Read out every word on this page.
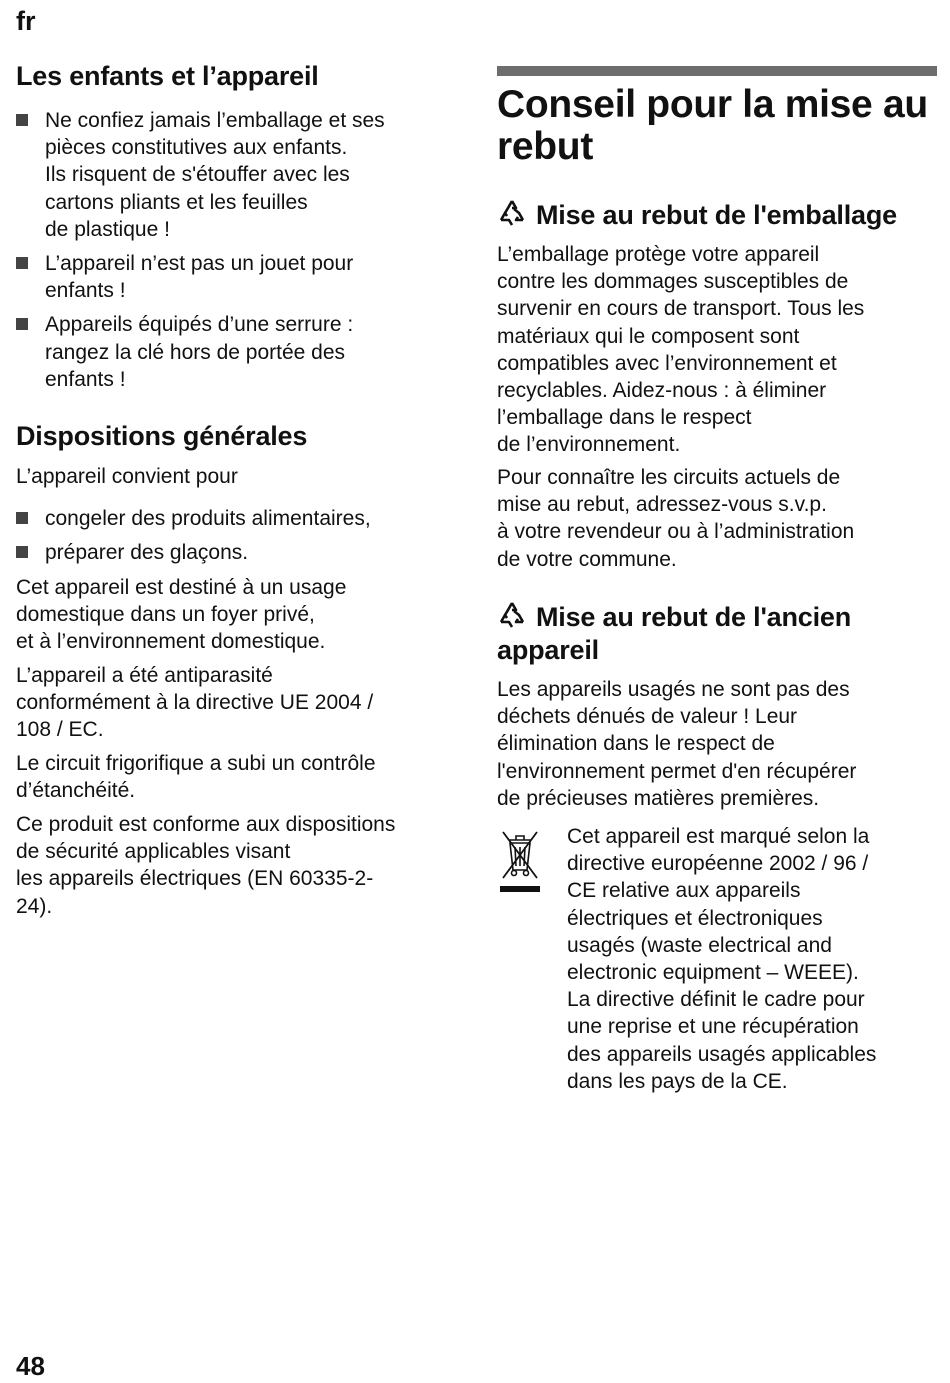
fr
Les enfants et l’appareil
Ne confiez jamais l’emballage et ses
pièces constitutives aux enfants.
Ils risquent de s'étouffer avec les
cartons pliants et les feuilles
de plastique !
L’appareil n’est pas un jouet pour
enfants !
Appareils équipés d’une serrure :
rangez la clé hors de portée des
enfants !
Dispositions générales

L’appareil convient pour

congeler des produits alimentaires,
préparer des glaçons.

Cet appareil est destiné à un usage
domestique dans un foyer privé,
et à l’environnement domestique.

L’appareil a été antiparasité
conformément à la directive UE 2004 /
108 / EC.

Le circuit frigorifique a subi un contrôle
d’étanchéité.

Ce produit est conforme aux dispositions
de sécurité applicables visant
les appareils électriques (EN 60335-2-
24).

Conseil pour la mise au
rebut
Mise au rebut de l'emballage

L’emballage protège votre appareil
contre les dommages susceptibles de
survenir en cours de transport. Tous les
matériaux qui le composent sont
compatibles avec l’environnement et
recyclables. Aidez-nous : à éliminer
l’emballage dans le respect
de l’environnement.

Pour connaître les circuits actuels de
mise au rebut, adressez-vous s.v.p.
à votre revendeur ou à l’administration
de votre commune.

Mise au rebut de l'ancien
appareil

Les appareils usagés ne sont pas des
déchets dénués de valeur ! Leur
élimination dans le respect de
l'environnement permet d'en récupérer
de précieuses matières premières.

Cet appareil est marqué selon la
directive européenne 2002 / 96 /
CE relative aux appareils
électriques et électroniques
usagés (waste electrical and
electronic equipment – WEEE).
La directive définit le cadre pour
une reprise et une récupération
des appareils usagés applicables
dans les pays de la CE.

48
